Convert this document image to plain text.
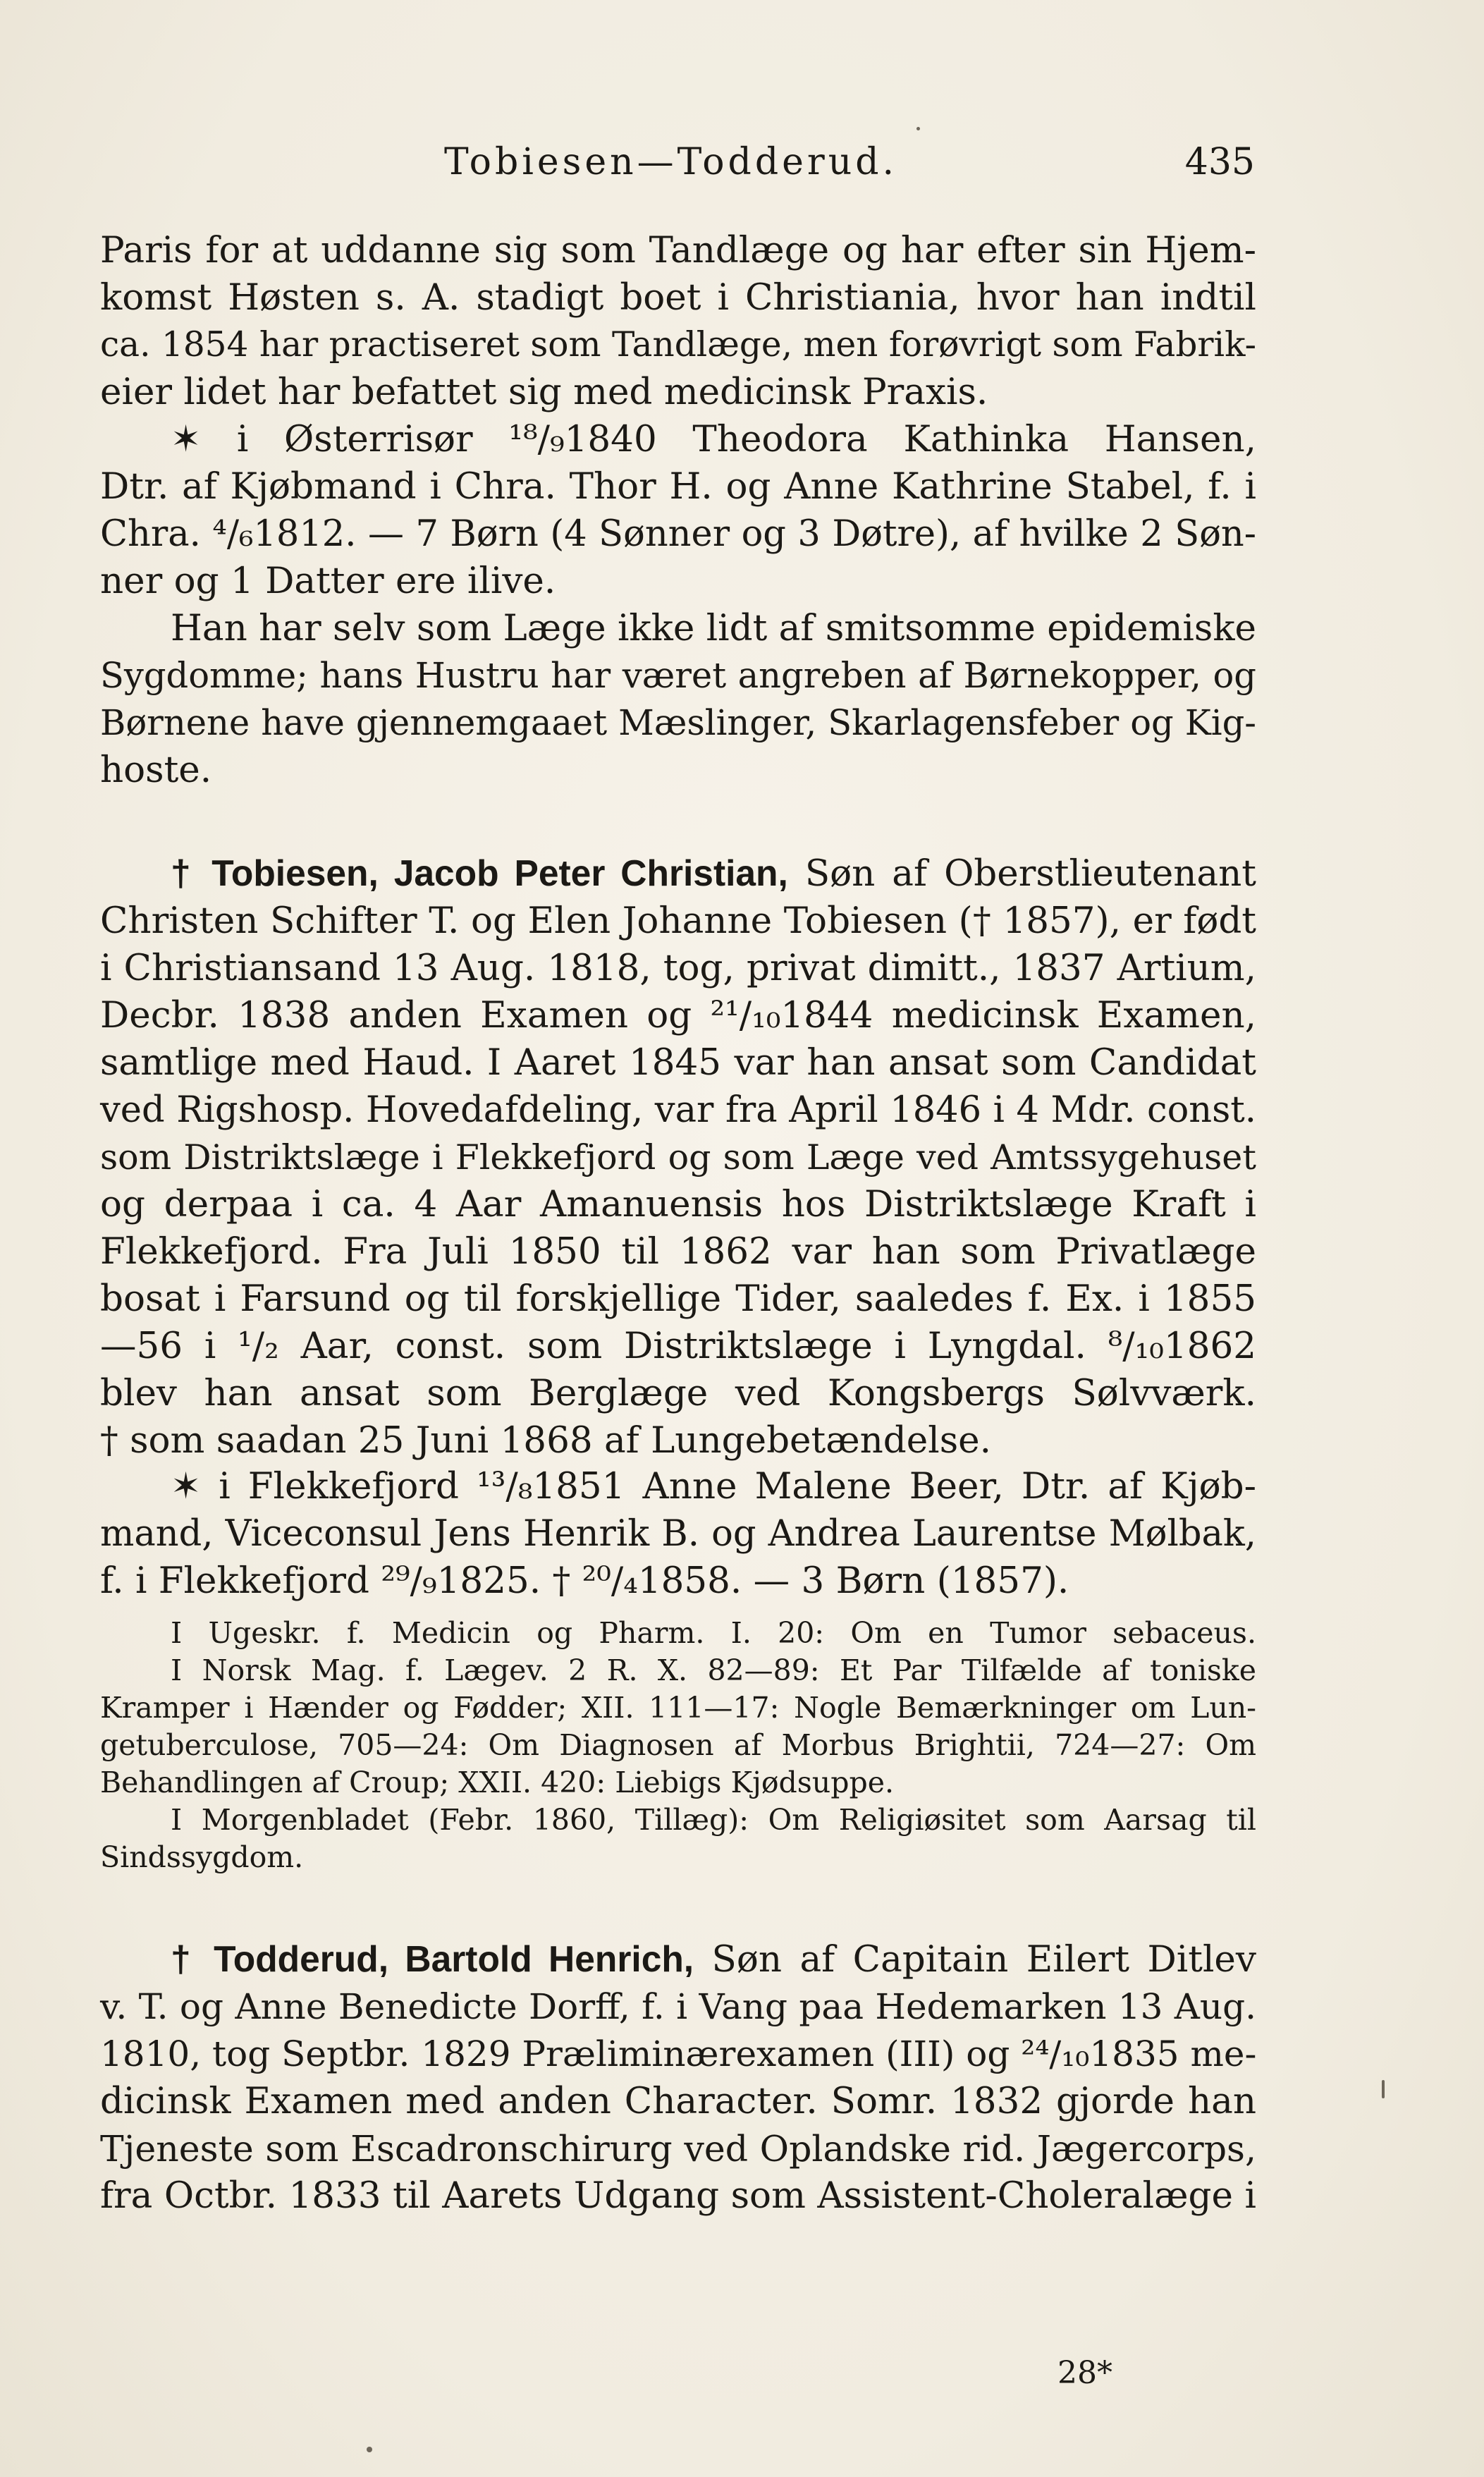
Tobiesen—Todderud.	435
Paris for at uddanne sig som Tandlæge og har efter sin Hjem-
komst Høsten s. A. stadigt boet i Christiania, hvor han indtil
ca. 1854 har practiseret som Tandlæge, men forøvrigt som Fabrik-
eier lidet har befattet sig med medicinsk Praxis.
✶ i Østerrisør ¹⁸/₉1840 Theodora Kathinka Hansen,
Dtr. af Kjøbmand i Chra. Thor H. og Anne Kathrine Stabel, f. i
Chra. ⁴/₆1812. — 7 Børn (4 Sønner og 3 Døtre), af hvilke 2 Søn-
ner og 1 Datter ere ilive.
Han har selv som Læge ikke lidt af smitsomme epidemiske
Sygdomme; hans Hustru har været angreben af Børnekopper, og
Børnene have gjennemgaaet Mæslinger, Skarlagensfeber og Kig-
hoste.
† Tobiesen, Jacob Peter Christian, Søn af Oberstlieutenant
Christen Schifter T. og Elen Johanne Tobiesen († 1857), er født
i Christiansand 13 Aug. 1818, tog, privat dimitt., 1837 Artium,
Decbr. 1838 anden Examen og ²¹/₁₀1844 medicinsk Examen,
samtlige med Haud. I Aaret 1845 var han ansat som Candidat
ved Rigshosp. Hovedafdeling, var fra April 1846 i 4 Mdr. const.
som Distriktslæge i Flekkefjord og som Læge ved Amtssygehuset
og derpaa i ca. 4 Aar Amanuensis hos Distriktslæge Kraft i
Flekkefjord. Fra Juli 1850 til 1862 var han som Privatlæge
bosat i Farsund og til forskjellige Tider, saaledes f. Ex. i 1855
—56 i ¹/₂ Aar, const. som Distriktslæge i Lyngdal. ⁸/₁₀1862
blev han ansat som Berglæge ved Kongsbergs Sølvværk.
† som saadan 25 Juni 1868 af Lungebetændelse.
✶ i Flekkefjord ¹³/₈1851 Anne Malene Beer, Dtr. af Kjøb-
mand, Viceconsul Jens Henrik B. og Andrea Laurentse Mølbak,
f. i Flekkefjord ²⁹/₉1825. † ²⁰/₄1858. — 3 Børn (1857).
I Ugeskr. f. Medicin og Pharm. I. 20: Om en Tumor sebaceus.
I Norsk Mag. f. Lægev. 2 R. X. 82—89: Et Par Tilfælde af toniske
Kramper i Hænder og Fødder; XII. 111—17: Nogle Bemærkninger om Lun-
getuberculose, 705—24: Om Diagnosen af Morbus Brightii, 724—27: Om
Behandlingen af Croup; XXII. 420: Liebigs Kjødsuppe.
I Morgenbladet (Febr. 1860, Tillæg): Om Religiøsitet som Aarsag til
Sindssygdom.
† Todderud, Bartold Henrich, Søn af Capitain Eilert Ditlev
v. T. og Anne Benedicte Dorff, f. i Vang paa Hedemarken 13 Aug.
1810, tog Septbr. 1829 Præliminærexamen (III) og ²⁴/₁₀1835 me-
dicinsk Examen med anden Character. Somr. 1832 gjorde han
Tjeneste som Escadronschirurg ved Oplandske rid. Jægercorps,
fra Octbr. 1833 til Aarets Udgang som Assistent-Choleralæge i
28*
